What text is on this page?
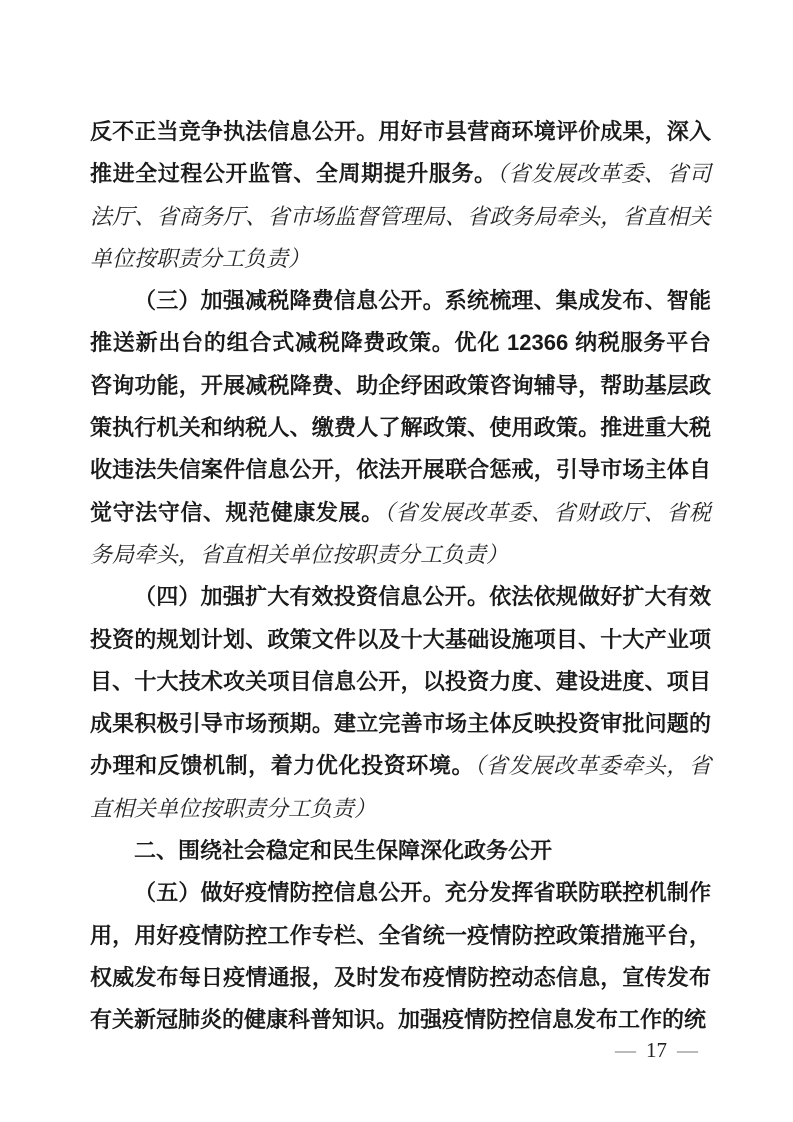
反不正当竞争执法信息公开。用好市县营商环境评价成果，深入推进全过程公开监管、全周期提升服务。（省发展改革委、省司法厅、省商务厅、省市场监督管理局、省政务局牵头，省直相关单位按职责分工负责）

（三）加强减税降费信息公开。系统梳理、集成发布、智能推送新出台的组合式减税降费政策。优化 12366 纳税服务平台咨询功能，开展减税降费、助企纾困政策咨询辅导，帮助基层政策执行机关和纳税人、缴费人了解政策、使用政策。推进重大税收违法失信案件信息公开，依法开展联合惩戒，引导市场主体自觉守法守信、规范健康发展。（省发展改革委、省财政厅、省税务局牵头，省直相关单位按职责分工负责）

（四）加强扩大有效投资信息公开。依法依规做好扩大有效投资的规划计划、政策文件以及十大基础设施项目、十大产业项目、十大技术攻关项目信息公开，以投资力度、建设进度、项目成果积极引导市场预期。建立完善市场主体反映投资审批问题的办理和反馈机制，着力优化投资环境。（省发展改革委牵头，省直相关单位按职责分工负责）

二、围绕社会稳定和民生保障深化政务公开

（五）做好疫情防控信息公开。充分发挥省联防联控机制作用，用好疫情防控工作专栏、全省统一疫情防控政策措施平台，权威发布每日疫情通报，及时发布疫情防控动态信息，宣传发布有关新冠肺炎的健康科普知识。加强疫情防控信息发布工作的统

— 17 —
